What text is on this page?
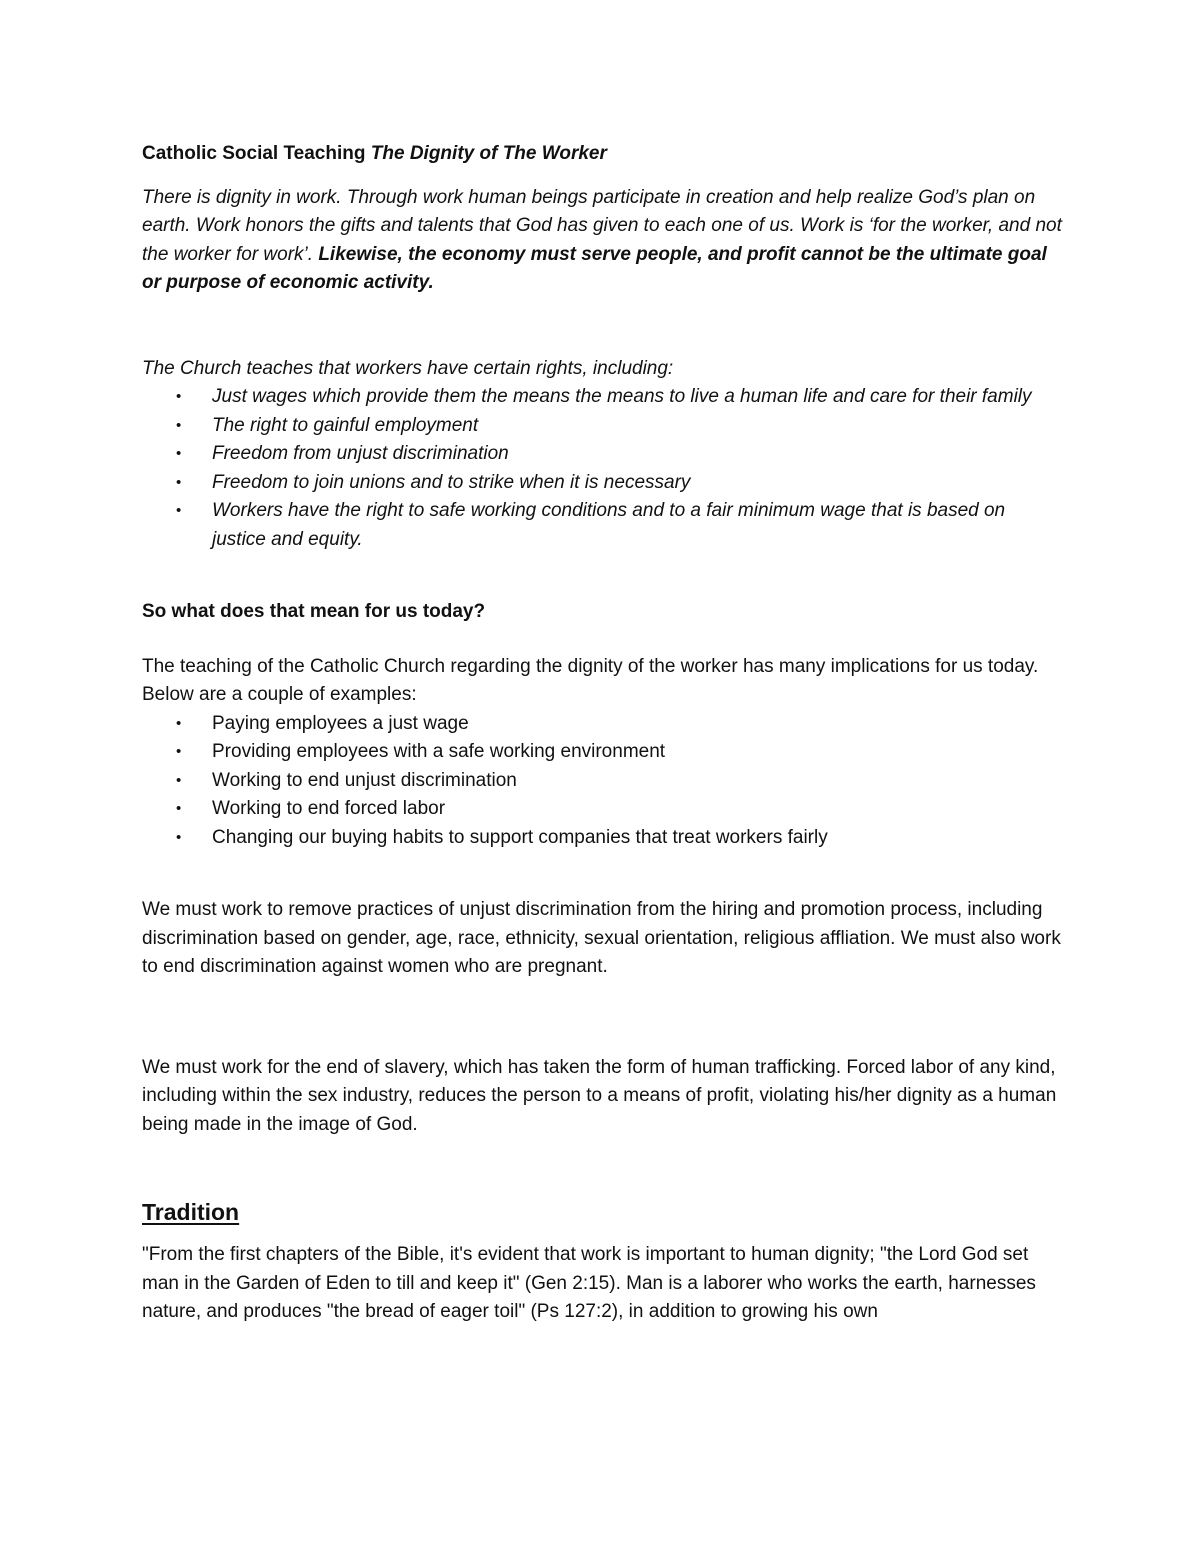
Catholic Social Teaching The Dignity of The Worker

There is dignity in work. Through work human beings participate in creation and help realize God’s plan on earth. Work honors the gifts and talents that God has given to each one of us. Work is ‘for the worker, and not the worker for work’. Likewise, the economy must serve people, and profit cannot be the ultimate goal or purpose of economic activity.

The Church teaches that workers have certain rights, including:

• Just wages which provide them the means the means to live a human life and care for their family
• The right to gainful employment
• Freedom from unjust discrimination
• Freedom to join unions and to strike when it is necessary
• Workers have the right to safe working conditions and to a fair minimum wage that is based on justice and equity.

So what does that mean for us today?

The teaching of the Catholic Church regarding the dignity of the worker has many implications for us today. Below are a couple of examples:

• Paying employees a just wage
• Providing employees with a safe working environment
• Working to end unjust discrimination
• Working to end forced labor
• Changing our buying habits to support companies that treat workers fairly

We must work to remove practices of unjust discrimination from the hiring and promotion process, including discrimination based on gender, age, race, ethnicity, sexual orientation, religious affliation. We must also work to end discrimination against women who are pregnant.

We must work for the end of slavery, which has taken the form of human trafficking. Forced labor of any kind, including within the sex industry, reduces the person to a means of profit, violating his/her dignity as a human being made in the image of God.

Tradition

"From the first chapters of the Bible, it's evident that work is important to human dignity; "the Lord God set man in the Garden of Eden to till and keep it" (Gen 2:15). Man is a laborer who works the earth, harnesses nature, and produces "the bread of eager toil" (Ps 127:2), in addition to growing his own
